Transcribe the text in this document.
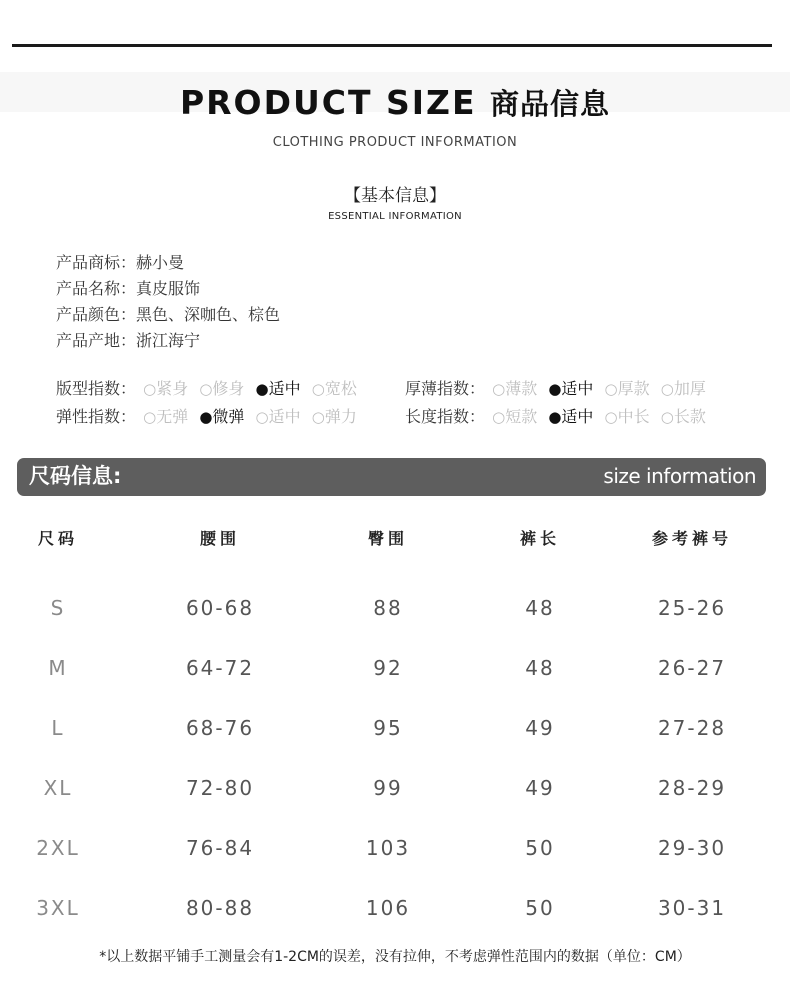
PRODUCT SIZE 商品信息
CLOTHING PRODUCT INFORMATION
【基本信息】
ESSENTIAL INFORMATION
产品商标：赫小曼
产品名称：真皮服饰
产品颜色：黑色、深咖色、棕色
产品产地：浙江海宁
版型指数： ○紧身 ○修身 ●适中 ○宽松	厚薄指数： ○薄款 ●适中 ○厚款 ○加厚
弹性指数： ○无弹 ●微弹 ○适中 ○弹力	长度指数： ○短款 ●适中 ○中长 ○长款
尺码信息:	size information
尺码	腰围	臀围	裤长	参考裤号
S	60-68	88	48	25-26
M	64-72	92	48	26-27
L	68-76	95	49	27-28
XL	72-80	99	49	28-29
2XL	76-84	103	50	29-30
3XL	80-88	106	50	30-31
*以上数据平铺手工测量会有1-2CM的误差，没有拉伸，不考虑弹性范围内的数据（单位：CM）
